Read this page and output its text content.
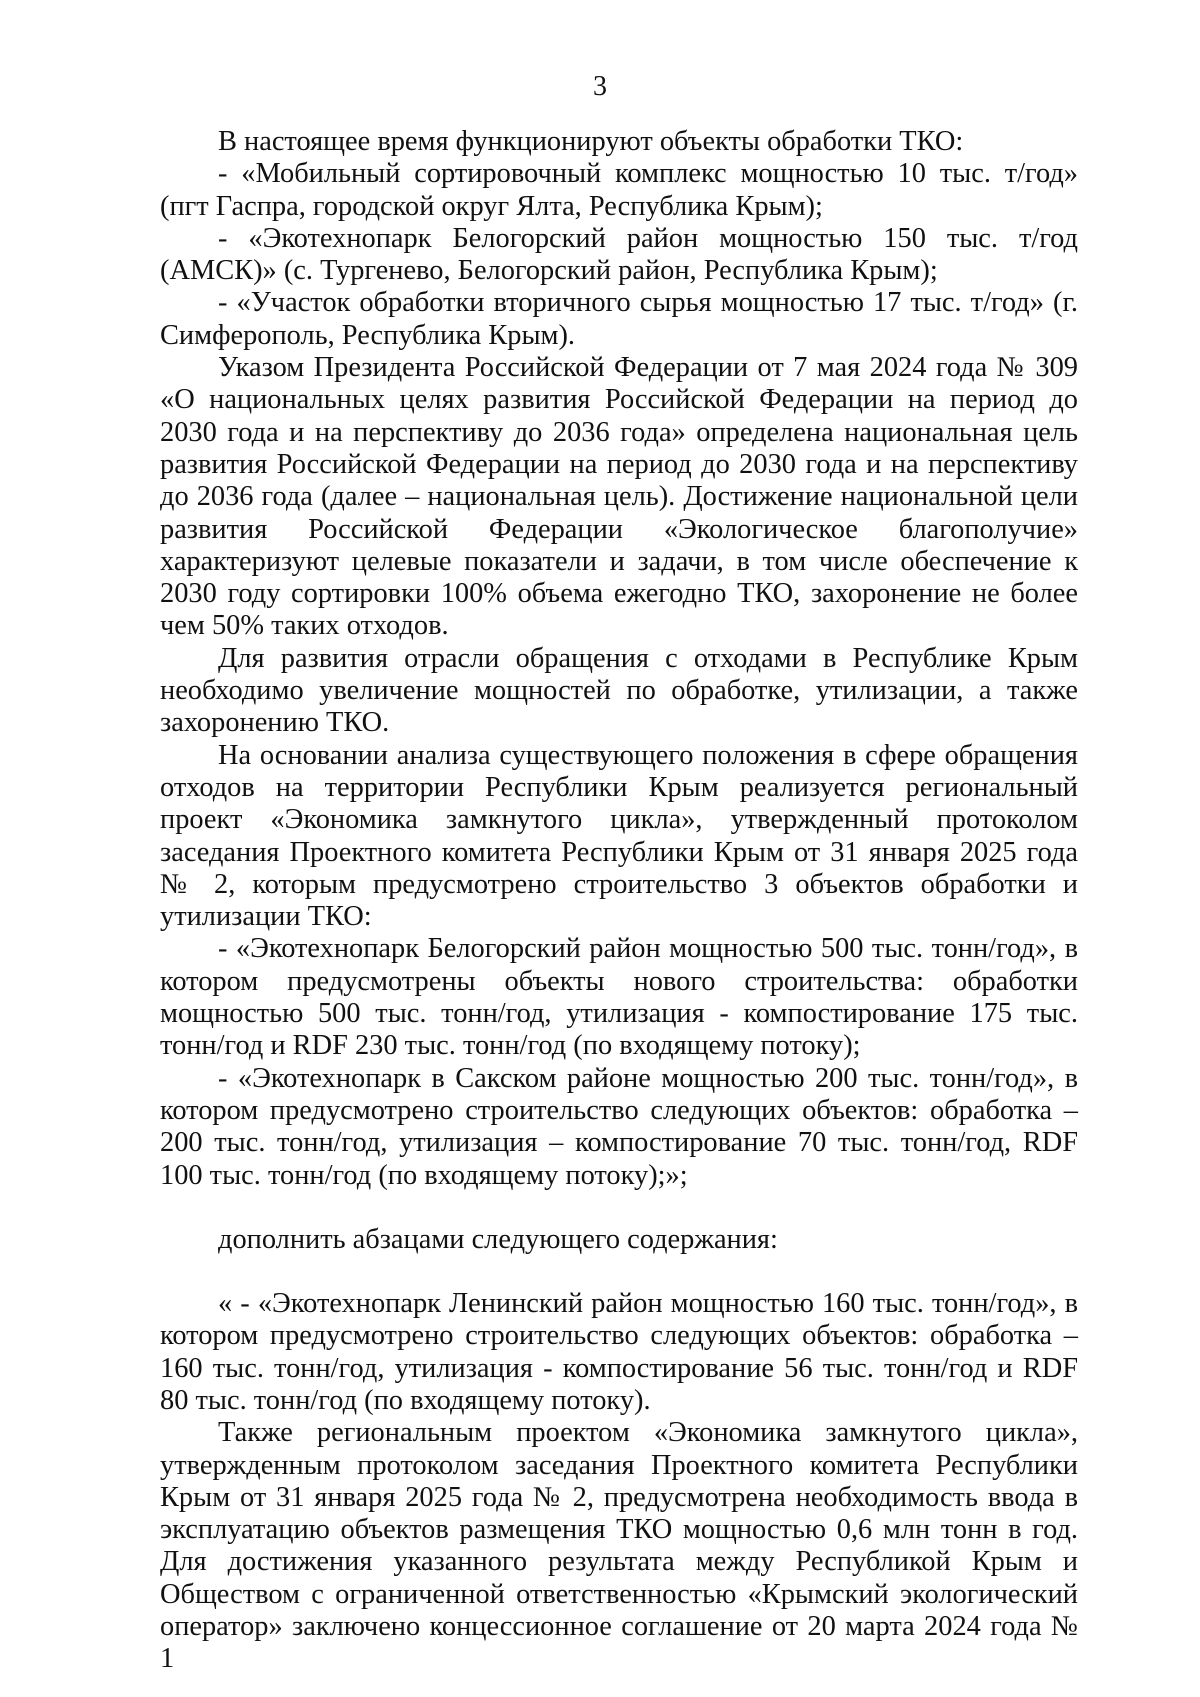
3

В настоящее время функционируют объекты обработки ТКО:

- «Мобильный сортировочный комплекс мощностью 10 тыс. т/год» (пгт Гаспра, городской округ Ялта, Республика Крым);

- «Экотехнопарк Белогорский район мощностью 150 тыс. т/год (АМСК)» (с. Тургенево, Белогорский район, Республика Крым);

- «Участок обработки вторичного сырья мощностью 17 тыс. т/год» (г. Симферополь, Республика Крым).

Указом Президента Российской Федерации от 7 мая 2024 года № 309 «О национальных целях развития Российской Федерации на период до 2030 года и на перспективу до 2036 года» определена национальная цель развития Российской Федерации на период до 2030 года и на перспективу до 2036 года (далее – национальная цель). Достижение национальной цели развития Российской Федерации «Экологическое благополучие» характеризуют целевые показатели и задачи, в том числе обеспечение к 2030 году сортировки 100% объема ежегодно ТКО, захоронение не более чем 50% таких отходов.

Для развития отрасли обращения с отходами в Республике Крым необходимо увеличение мощностей по обработке, утилизации, а также захоронению ТКО.

На основании анализа существующего положения в сфере обращения отходов на территории Республики Крым реализуется региональный проект «Экономика замкнутого цикла», утвержденный протоколом заседания Проектного комитета Республики Крым от 31 января 2025 года № 2, которым предусмотрено строительство 3 объектов обработки и утилизации ТКО:

- «Экотехнопарк Белогорский район мощностью 500 тыс. тонн/год», в котором предусмотрены объекты нового строительства: обработки мощностью 500 тыс. тонн/год, утилизация - компостирование 175 тыс. тонн/год и RDF 230 тыс. тонн/год (по входящему потоку);

- «Экотехнопарк в Сакском районе мощностью 200 тыс. тонн/год», в котором предусмотрено строительство следующих объектов: обработка – 200 тыс. тонн/год, утилизация – компостирование 70 тыс. тонн/год, RDF 100 тыс. тонн/год (по входящему потоку);»;

дополнить абзацами следующего содержания:

« - «Экотехнопарк Ленинский район мощностью 160 тыс. тонн/год», в котором предусмотрено строительство следующих объектов: обработка – 160 тыс. тонн/год, утилизация - компостирование 56 тыс. тонн/год и RDF 80 тыс. тонн/год (по входящему потоку).

Также региональным проектом «Экономика замкнутого цикла», утвержденным протоколом заседания Проектного комитета Республики Крым от 31 января 2025 года № 2, предусмотрена необходимость ввода в эксплуатацию объектов размещения ТКО мощностью 0,6 млн тонн в год. Для достижения указанного результата между Республикой Крым и Обществом с ограниченной ответственностью «Крымский экологический оператор» заключено концессионное соглашение от 20 марта 2024 года № 1
